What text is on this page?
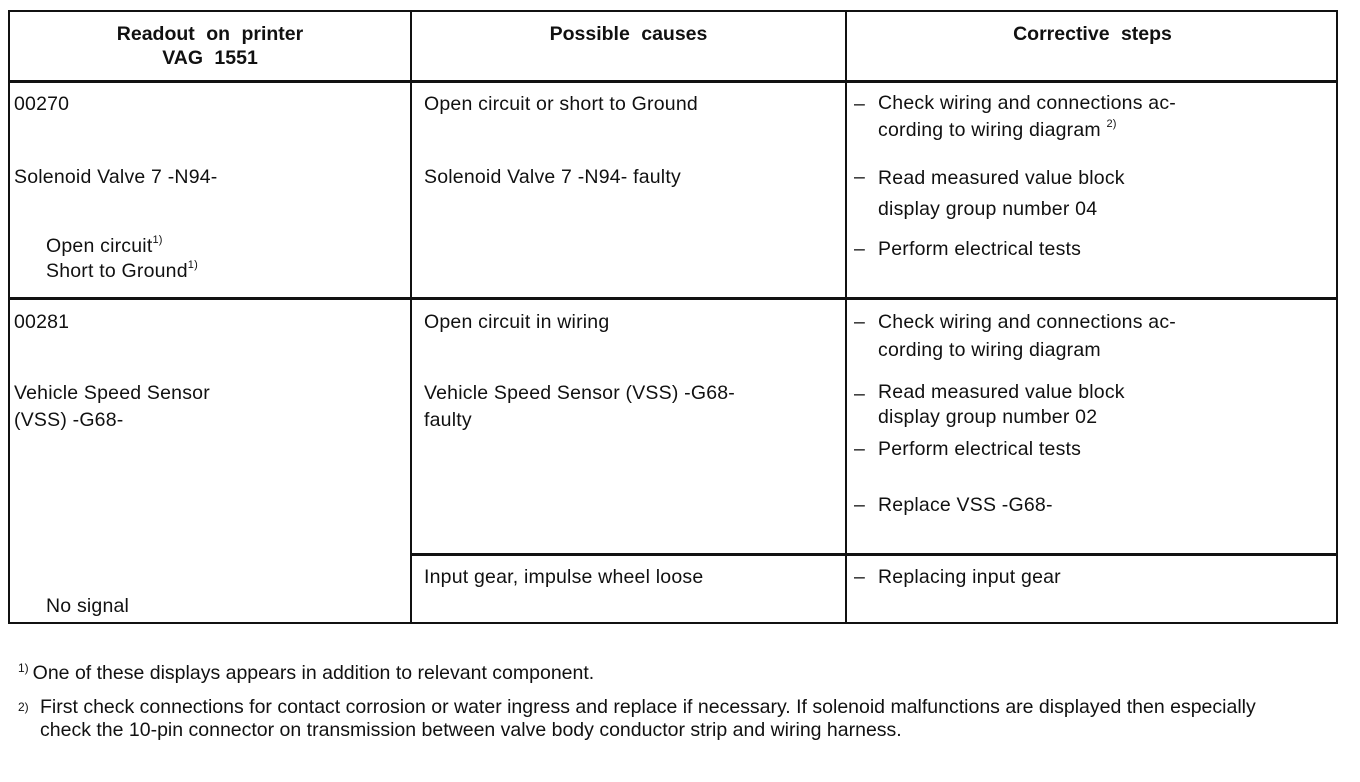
Readout on printer
VAG 1551
Possible causes	Corrective steps
00270
Solenoid Valve 7 -N94-
Open circuit$^{1)}$
Short to Ground$^{1)}$
Open circuit or short to Ground
Solenoid Valve 7 -N94- faulty
– Check wiring and connections ac-
cording to wiring diagram $^{2)}$
– Read measured value block
display group number 04
– Perform electrical tests
00281
Vehicle Speed Sensor
(VSS) -G68-
No signal
Open circuit in wiring
Vehicle Speed Sensor (VSS) -G68-
faulty
Input gear, impulse wheel loose
– Check wiring and connections ac-
cording to wiring diagram
– Read measured value block
display group number 02
– Perform electrical tests
– Replace VSS -G68-
– Replacing input gear
$^{1)}$ One of these displays appears in addition to relevant component.
2) First check connections for contact corrosion or water ingress and replace if necessary. If solenoid malfunctions are displayed then especially check the 10-pin connector on transmission between valve body conductor strip and wiring harness.
